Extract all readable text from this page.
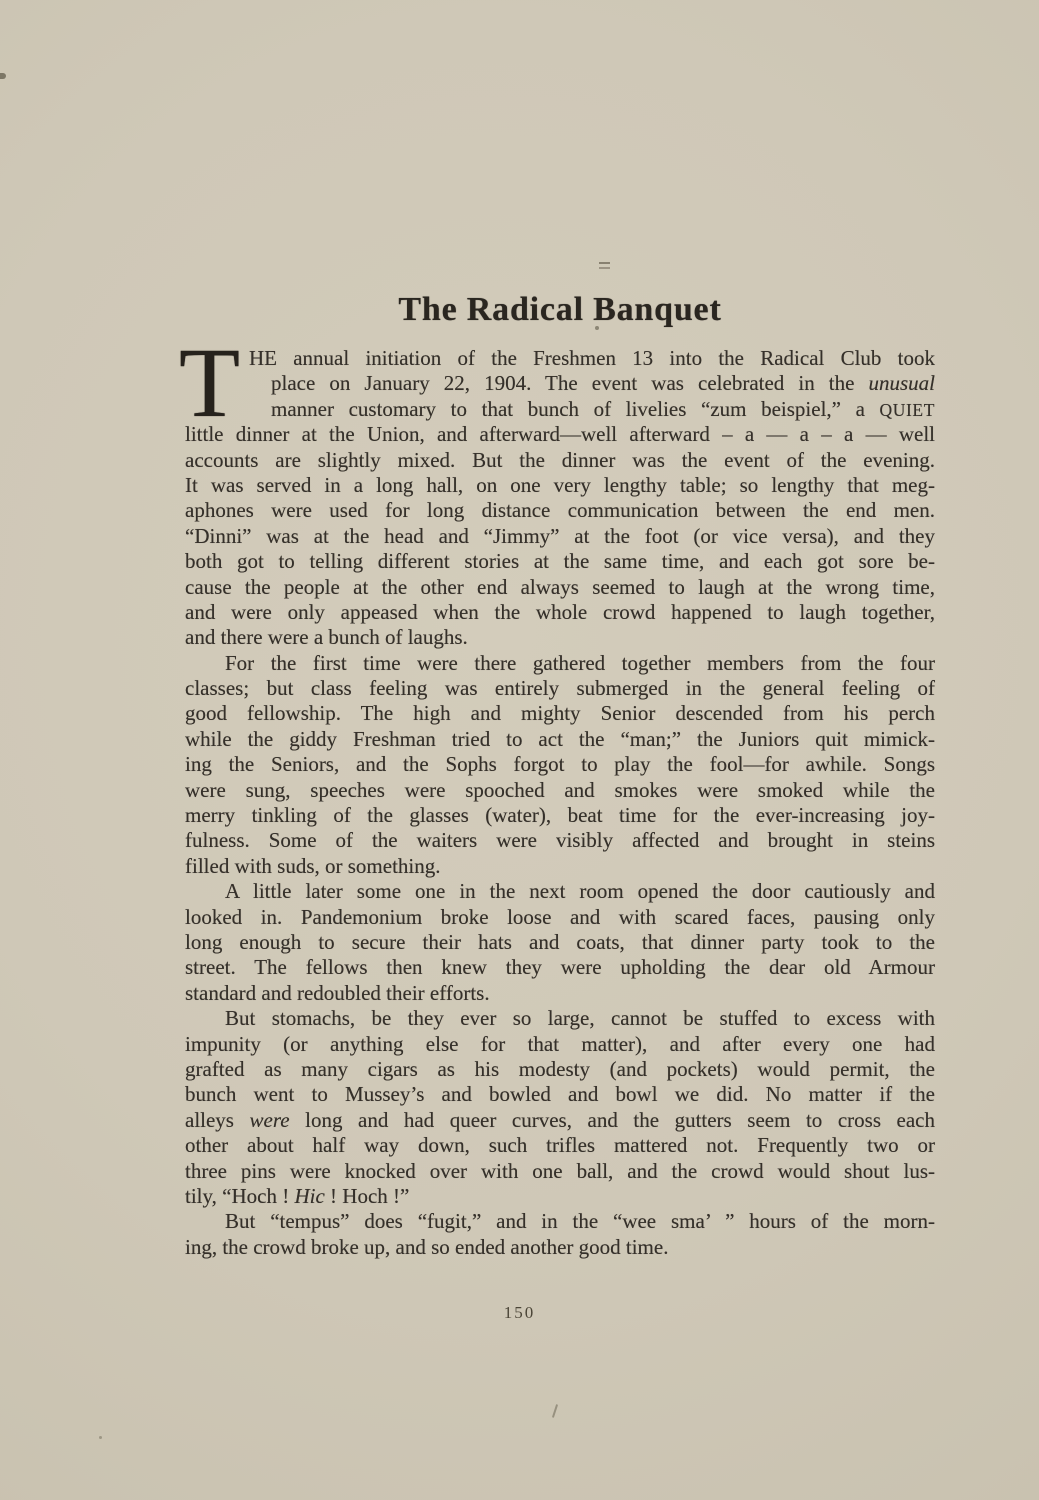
The Radical Banquet
T HE annual initiation of the Freshmen 13 into the Radical Club took
place on January 22, 1904. The event was celebrated in the unusual
manner customary to that bunch of livelies “zum beispiel,” a QUIET
little dinner at the Union, and afterward—well afterward – a — a – a — well
accounts are slightly mixed. But the dinner was the event of the evening.
It was served in a long hall, on one very lengthy table; so lengthy that meg-
aphones were used for long distance communication between the end men.
“Dinni” was at the head and “Jimmy” at the foot (or vice versa), and they
both got to telling different stories at the same time, and each got sore be-
cause the people at the other end always seemed to laugh at the wrong time,
and were only appeased when the whole crowd happened to laugh together,
and there were a bunch of laughs.
For the first time were there gathered together members from the four
classes; but class feeling was entirely submerged in the general feeling of
good fellowship. The high and mighty Senior descended from his perch
while the giddy Freshman tried to act the “man;” the Juniors quit mimick-
ing the Seniors, and the Sophs forgot to play the fool—for awhile. Songs
were sung, speeches were spooched and smokes were smoked while the
merry tinkling of the glasses (water), beat time for the ever-increasing joy-
fulness. Some of the waiters were visibly affected and brought in steins
filled with suds, or something.
A little later some one in the next room opened the door cautiously and
looked in. Pandemonium broke loose and with scared faces, pausing only
long enough to secure their hats and coats, that dinner party took to the
street. The fellows then knew they were upholding the dear old Armour
standard and redoubled their efforts.
But stomachs, be they ever so large, cannot be stuffed to excess with
impunity (or anything else for that matter), and after every one had
grafted as many cigars as his modesty (and pockets) would permit, the
bunch went to Mussey’s and bowled and bowl we did. No matter if the
alleys were long and had queer curves, and the gutters seem to cross each
other about half way down, such trifles mattered not. Frequently two or
three pins were knocked over with one ball, and the crowd would shout lus-
tily, “Hoch ! Hic ! Hoch !”
But “tempus” does “fugit,” and in the “wee sma’ ” hours of the morn-
ing, the crowd broke up, and so ended another good time.
150
